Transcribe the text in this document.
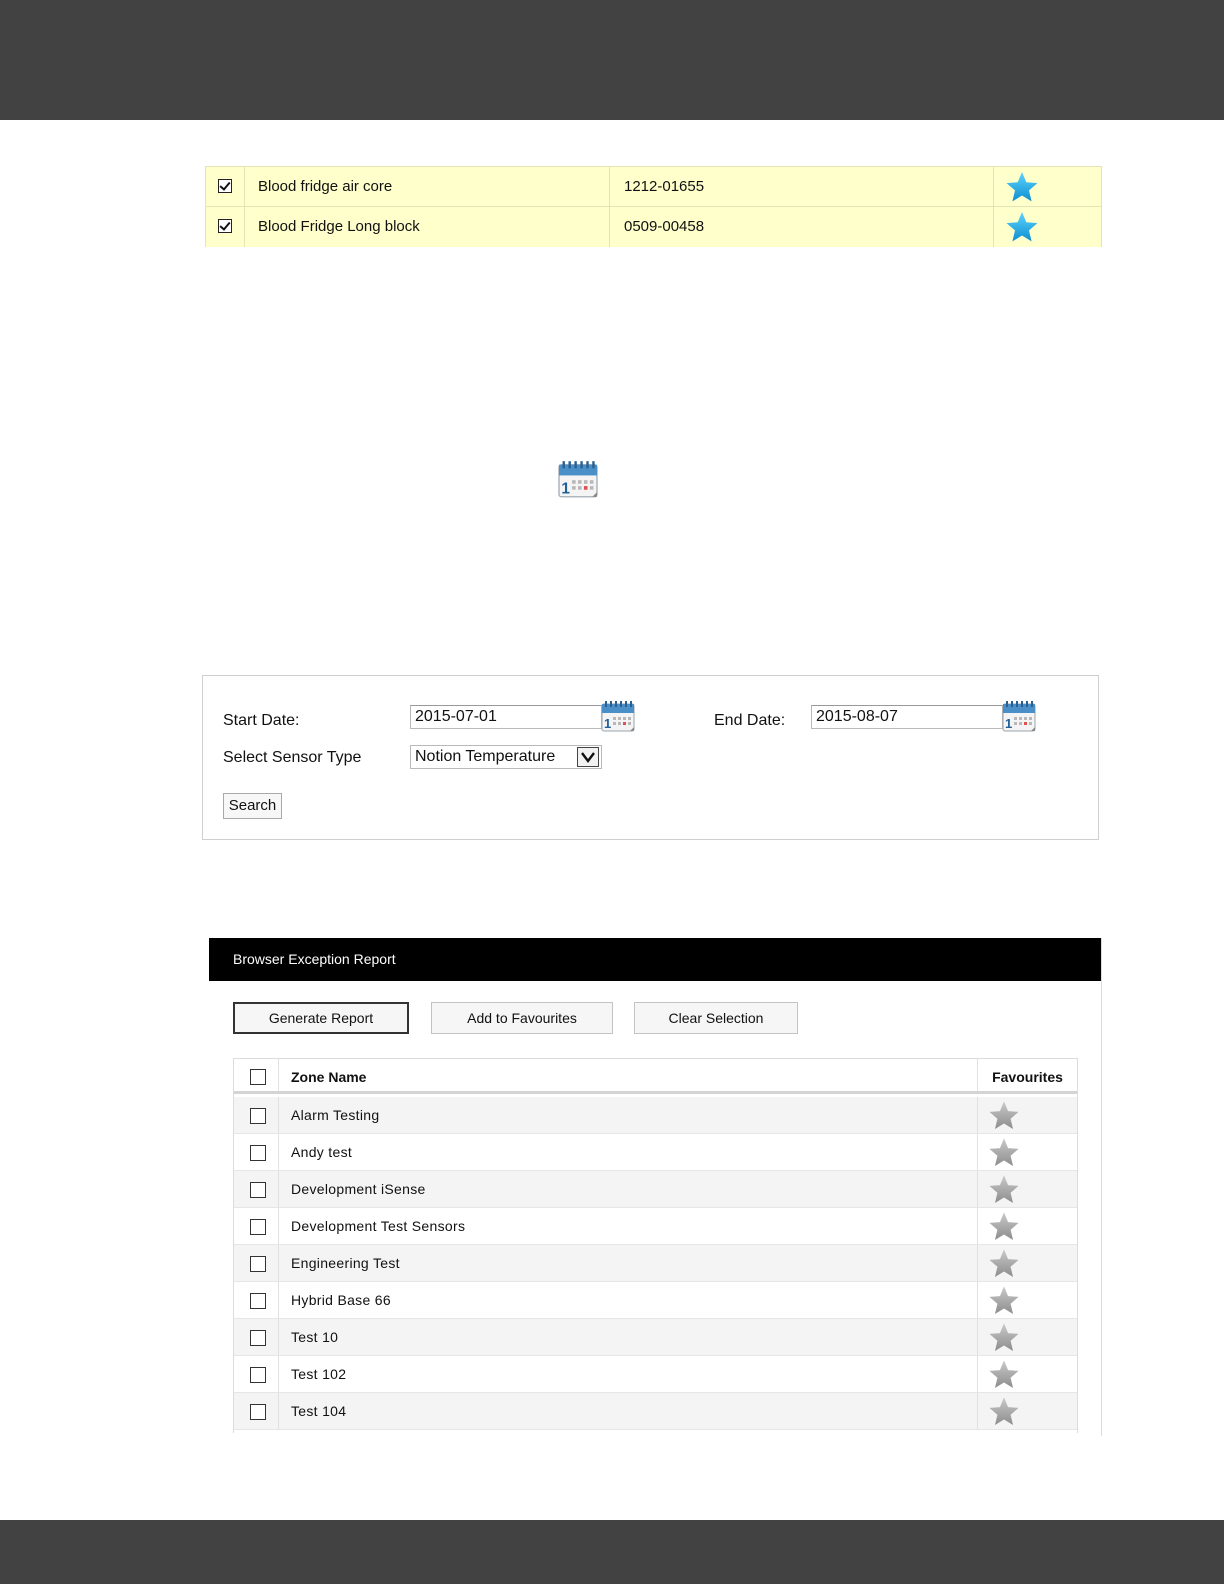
Blood fridge air core	1212-01655
Blood Fridge Long block	0509-00458
Start Date:
2015-07-01	End Date:
2015-08-07
Select Sensor Type	Notion Temperature
Search
Browser Exception Report
Generate Report	Add to Favourites	Clear Selection
Zone Name	Favourites
Alarm Testing
Andy test
Development iSense
Development Test Sensors
Engineering Test
Hybrid Base 66
Test 10
Test 102
Test 104
